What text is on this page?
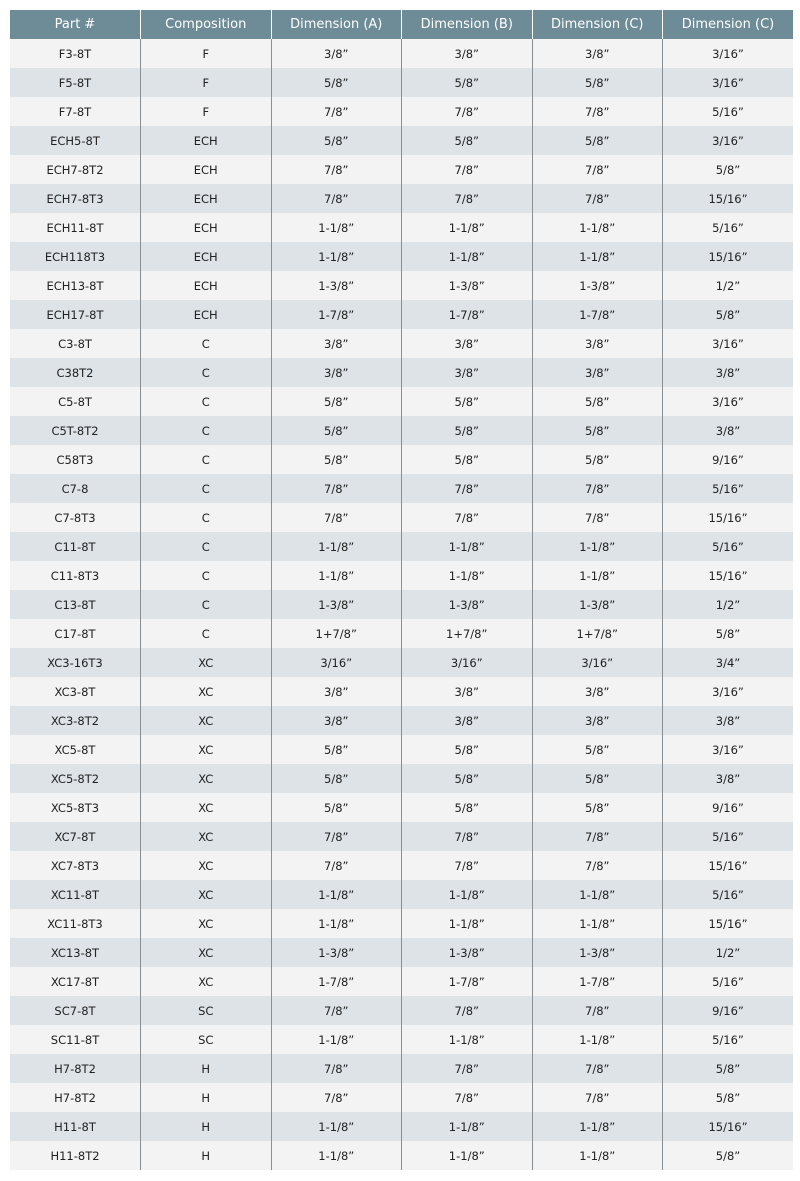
Part #	Composition	Dimension (A)	Dimension (B)	Dimension (C)	Dimension (C)
F3-8T	F	3/8”	3/8”	3/8”	3/16”
F5-8T	F	5/8”	5/8”	5/8”	3/16”
F7-8T	F	7/8”	7/8”	7/8”	5/16”
ECH5-8T	ECH	5/8”	5/8”	5/8”	3/16”
ECH7-8T2	ECH	7/8”	7/8”	7/8”	5/8”
ECH7-8T3	ECH	7/8”	7/8”	7/8”	15/16”
ECH11-8T	ECH	1-1/8”	1-1/8”	1-1/8”	5/16”
ECH118T3	ECH	1-1/8”	1-1/8”	1-1/8”	15/16”
ECH13-8T	ECH	1-3/8”	1-3/8”	1-3/8”	1/2”
ECH17-8T	ECH	1-7/8”	1-7/8”	1-7/8”	5/8”
C3-8T	C	3/8”	3/8”	3/8”	3/16”
C38T2	C	3/8”	3/8”	3/8”	3/8”
C5-8T	C	5/8”	5/8”	5/8”	3/16”
C5T-8T2	C	5/8”	5/8”	5/8”	3/8”
C58T3	C	5/8”	5/8”	5/8”	9/16”
C7-8	C	7/8”	7/8”	7/8”	5/16”
C7-8T3	C	7/8”	7/8”	7/8”	15/16”
C11-8T	C	1-1/8”	1-1/8”	1-1/8”	5/16”
C11-8T3	C	1-1/8”	1-1/8”	1-1/8”	15/16”
C13-8T	C	1-3/8”	1-3/8”	1-3/8”	1/2”
C17-8T	C	1+7/8”	1+7/8”	1+7/8”	5/8”
XC3-16T3	XC	3/16”	3/16”	3/16”	3/4”
XC3-8T	XC	3/8”	3/8”	3/8”	3/16”
XC3-8T2	XC	3/8”	3/8”	3/8”	3/8”
XC5-8T	XC	5/8”	5/8”	5/8”	3/16”
XC5-8T2	XC	5/8”	5/8”	5/8”	3/8”
XC5-8T3	XC	5/8”	5/8”	5/8”	9/16”
XC7-8T	XC	7/8”	7/8”	7/8”	5/16”
XC7-8T3	XC	7/8”	7/8”	7/8”	15/16”
XC11-8T	XC	1-1/8”	1-1/8”	1-1/8”	5/16”
XC11-8T3	XC	1-1/8”	1-1/8”	1-1/8”	15/16”
XC13-8T	XC	1-3/8”	1-3/8”	1-3/8”	1/2”
XC17-8T	XC	1-7/8”	1-7/8”	1-7/8”	5/16”
SC7-8T	SC	7/8”	7/8”	7/8”	9/16”
SC11-8T	SC	1-1/8”	1-1/8”	1-1/8”	5/16”
H7-8T2	H	7/8”	7/8”	7/8”	5/8”
H7-8T2	H	7/8”	7/8”	7/8”	5/8”
H11-8T	H	1-1/8”	1-1/8”	1-1/8”	15/16”
H11-8T2	H	1-1/8”	1-1/8”	1-1/8”	5/8”
